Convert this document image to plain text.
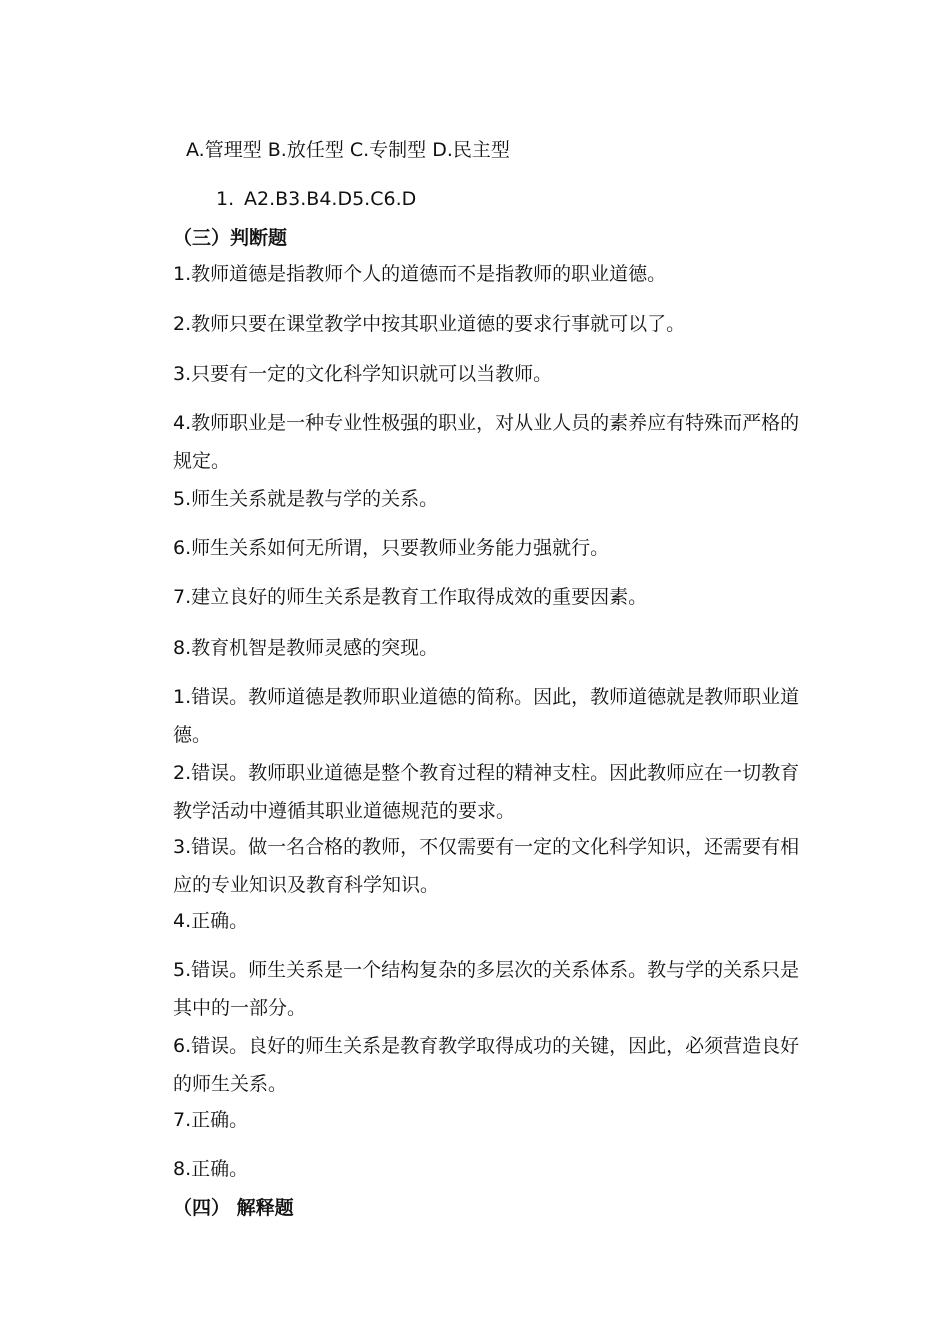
A.管理型 B.放任型 C.专制型 D.民主型
1. A2.B3.B4.D5.C6.D
（三）判断题
1.教师道德是指教师个人的道德而不是指教师的职业道德。
2.教师只要在课堂教学中按其职业道德的要求行事就可以了。
3.只要有一定的文化科学知识就可以当教师。
4.教师职业是一种专业性极强的职业，对从业人员的素养应有特殊而严格的规定。
5.师生关系就是教与学的关系。
6.师生关系如何无所谓，只要教师业务能力强就行。
7.建立良好的师生关系是教育工作取得成效的重要因素。
8.教育机智是教师灵感的突现。
1.错误。教师道德是教师职业道德的简称。因此，教师道德就是教师职业道德。
2.错误。教师职业道德是整个教育过程的精神支柱。因此教师应在一切教育教学活动中遵循其职业道德规范的要求。
3.错误。做一名合格的教师，不仅需要有一定的文化科学知识，还需要有相应的专业知识及教育科学知识。
4.正确。
5.错误。师生关系是一个结构复杂的多层次的关系体系。教与学的关系只是其中的一部分。
6.错误。良好的师生关系是教育教学取得成功的关键，因此，必须营造良好的师生关系。
7.正确。
8.正确。
（四） 解释题
